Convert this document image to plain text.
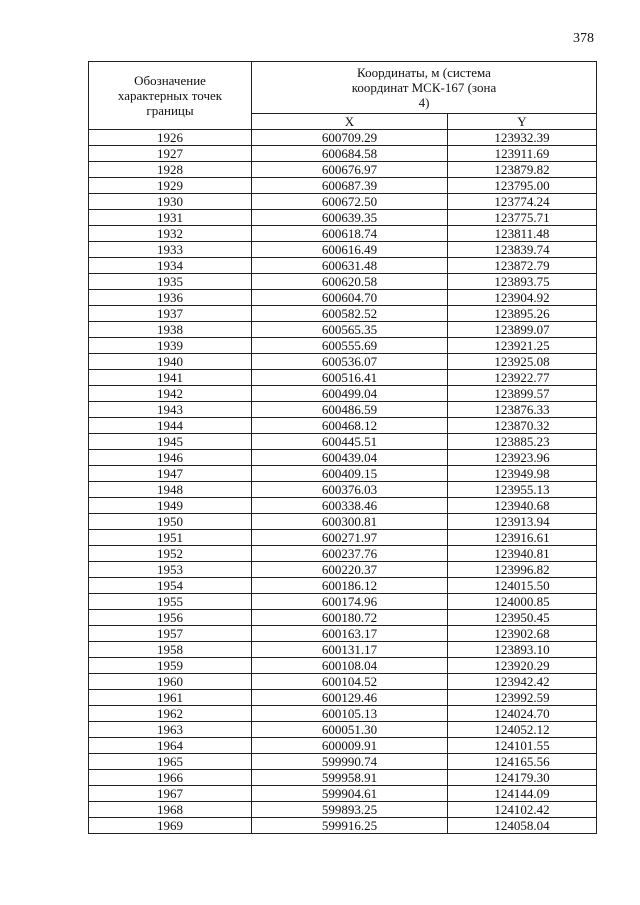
378
Обозначение характерных точек границы	Координаты, м (система координат МСК-167 (зона 4)	

	X	Y
1926	600709.29	123932.39
1927	600684.58	123911.69
1928	600676.97	123879.82
1929	600687.39	123795.00
1930	600672.50	123774.24
1931	600639.35	123775.71
1932	600618.74	123811.48
1933	600616.49	123839.74
1934	600631.48	123872.79
1935	600620.58	123893.75
1936	600604.70	123904.92
1937	600582.52	123895.26
1938	600565.35	123899.07
1939	600555.69	123921.25
1940	600536.07	123925.08
1941	600516.41	123922.77
1942	600499.04	123899.57
1943	600486.59	123876.33
1944	600468.12	123870.32
1945	600445.51	123885.23
1946	600439.04	123923.96
1947	600409.15	123949.98
1948	600376.03	123955.13
1949	600338.46	123940.68
1950	600300.81	123913.94
1951	600271.97	123916.61
1952	600237.76	123940.81
1953	600220.37	123996.82
1954	600186.12	124015.50
1955	600174.96	124000.85
1956	600180.72	123950.45
1957	600163.17	123902.68
1958	600131.17	123893.10
1959	600108.04	123920.29
1960	600104.52	123942.42
1961	600129.46	123992.59
1962	600105.13	124024.70
1963	600051.30	124052.12
1964	600009.91	124101.55
1965	599990.74	124165.56
1966	599958.91	124179.30
1967	599904.61	124144.09
1968	599893.25	124102.42
1969	599916.25	124058.04
